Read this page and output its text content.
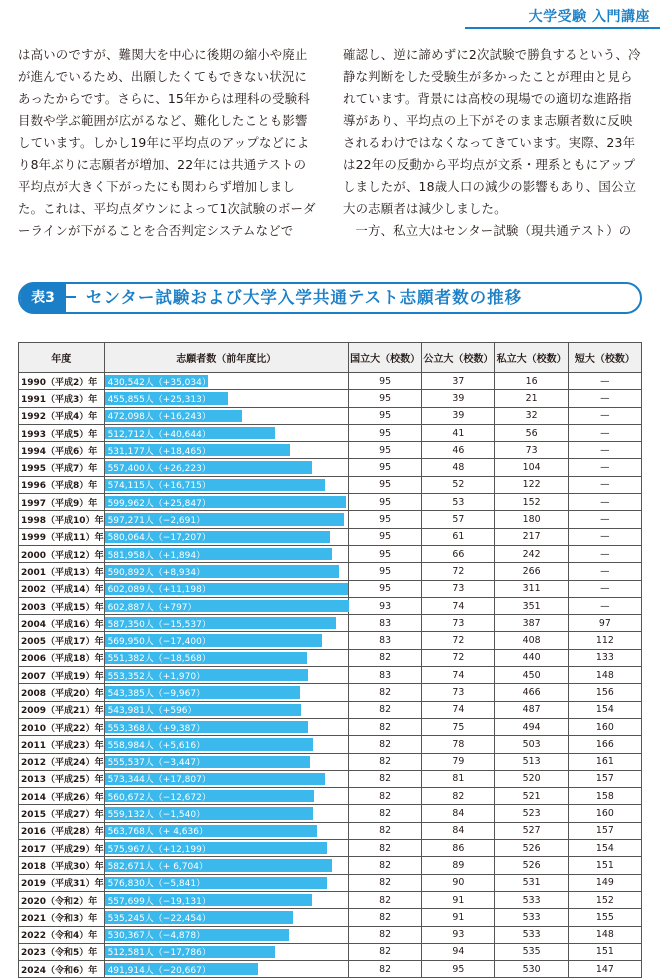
大学受験 入門講座

は高いのですが、難関大を中心に後期の縮小や廃止が進んでいるため、出願したくてもできない状況にあったからです。さらに、15年からは理科の受験科目数や学ぶ範囲が広がるなど、難化したことも影響しています。しかし19年に平均点のアップなどにより8年ぶりに志願者が増加、22年には共通テストの平均点が大きく下がったにも関わらず増加しました。これは、平均点ダウンによって1次試験のボーダーラインが下がることを合否判定システムなどで

確認し、逆に諦めずに2次試験で勝負するという、冷静な判断をした受験生が多かったことが理由と見られています。背景には高校の現場での適切な進路指導があり、平均点の上下がそのまま志願者数に反映されるわけではなくなってきています。実際、23年は22年の反動から平均点が文系・理系ともにアップしましたが、18歳人口の減少の影響もあり、国公立大の志願者は減少しました。

一方、私立大はセンター試験（現共通テスト）の

表3	センター試験および大学入学共通テスト志願者数の推移
年度	志願者数（前年度比）	国立大（校数）	公立大（校数）	私立大（校数）	短大（校数）
1990（平成2）年	430,542人（+35,034）	95	37	16	—
1991（平成3）年	455,855人（+25,313）	95	39	21	—
1992（平成4）年	472,098人（+16,243）	95	39	32	—
1993（平成5）年	512,712人（+40,644）	95	41	56	—
1994（平成6）年	531,177人（+18,465）	95	46	73	—
1995（平成7）年	557,400人（+26,223）	95	48	104	—
1996（平成8）年	574,115人（+16,715）	95	52	122	—
1997（平成9）年	599,962人（+25,847）	95	53	152	—
1998（平成10）年	597,271人（−2,691）	95	57	180	—
1999（平成11）年	580,064人（−17,207）	95	61	217	—
2000（平成12）年	581,958人（+1,894）	95	66	242	—
2001（平成13）年	590,892人（+8,934）	95	72	266	—
2002（平成14）年	602,089人（+11,198）	95	73	311	—
2003（平成15）年	602,887人（+797）	93	74	351	—
2004（平成16）年	587,350人（−15,537）	83	73	387	97
2005（平成17）年	569,950人（−17,400）	83	72	408	112
2006（平成18）年	551,382人（−18,568）	82	72	440	133
2007（平成19）年	553,352人（+1,970）	83	74	450	148
2008（平成20）年	543,385人（−9,967）	82	73	466	156
2009（平成21）年	543,981人（+596）	82	74	487	154
2010（平成22）年	553,368人（+9,387）	82	75	494	160
2011（平成23）年	558,984人（+5,616）	82	78	503	166
2012（平成24）年	555,537人（−3,447）	82	79	513	161
2013（平成25）年	573,344人（+17,807）	82	81	520	157
2014（平成26）年	560,672人（−12,672）	82	82	521	158
2015（平成27）年	559,132人（−1,540）	82	84	523	160
2016（平成28）年	563,768人（+ 4,636）	82	84	527	157
2017（平成29）年	575,967人（+12,199）	82	86	526	154
2018（平成30）年	582,671人（+ 6,704）	82	89	526	151
2019（平成31）年	576,830人（−5,841）	82	90	531	149
2020（令和2）年	557,699人（−19,131）	82	91	533	152
2021（令和3）年	535,245人（−22,454）	82	91	533	155
2022（令和4）年	530,367人（−4,878）	82	93	533	148
2023（令和5）年	512,581人（−17,786）	82	94	535	151
2024（令和6）年	491,914人（−20,667）	82	95	530	147
